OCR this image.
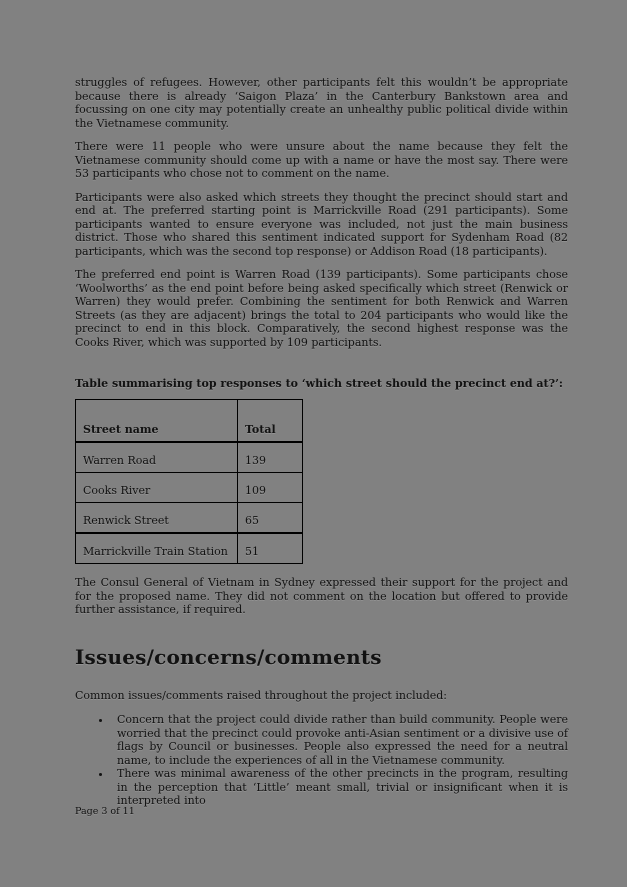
struggles of refugees. However, other participants felt this wouldn’t be appropriate because there is already ‘Saigon Plaza’ in the Canterbury Bankstown area and focussing on one city may potentially create an unhealthy public political divide within the Vietnamese community.

There were 11 people who were unsure about the name because they felt the Vietnamese community should come up with a name or have the most say. There were 53 participants who chose not to comment on the name.

Participants were also asked which streets they thought the precinct should start and end at. The preferred starting point is Marrickville Road (291 participants). Some participants wanted to ensure everyone was included, not just the main business district. Those who shared this sentiment indicated support for Sydenham Road (82 participants, which was the second top response) or Addison Road (18 participants).

The preferred end point is Warren Road (139 participants). Some participants chose ‘Woolworths’ as the end point before being asked specifically which street (Renwick or Warren) they would prefer. Combining the sentiment for both Renwick and Warren Streets (as they are adjacent) brings the total to 204 participants who would like the precinct to end in this block. Comparatively, the second highest response was the Cooks River, which was supported by 109 participants.

Table summarising top responses to ‘which street should the precinct end at?’:

Street name	Total
Warren Road	139
Cooks River	109
Renwick Street	65
Marrickville Train Station	51

The Consul General of Vietnam in Sydney expressed their support for the project and for the proposed name. They did not comment on the location but offered to provide further assistance, if required.

Issues/concerns/comments

Common issues/comments raised throughout the project included:

• Concern that the project could divide rather than build community. People were worried that the precinct could provoke anti-Asian sentiment or a divisive use of flags by Council or businesses. People also expressed the need for a neutral name, to include the experiences of all in the Vietnamese community.
• There was minimal awareness of the other precincts in the program, resulting in the perception that ‘Little’ meant small, trivial or insignificant when it is interpreted into
Page 3 of 11
